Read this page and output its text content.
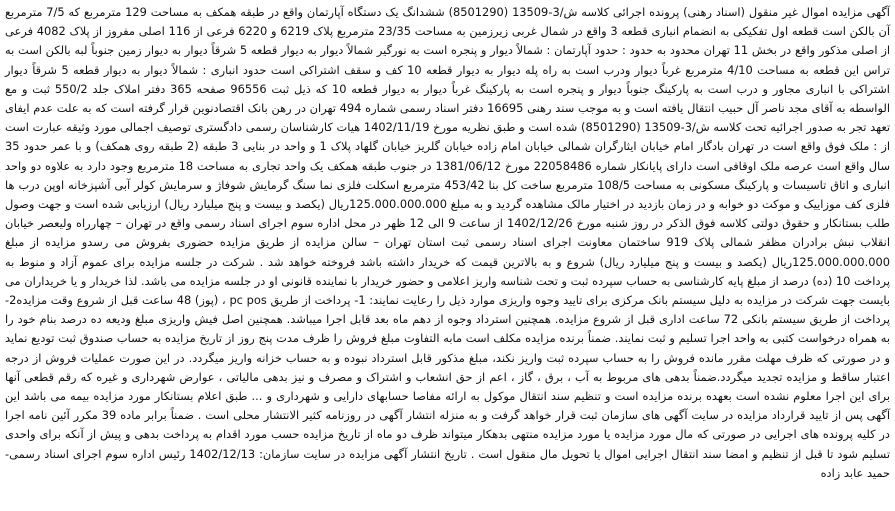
آگهی مزایده اموال غیر منقول (اسناد رهنی) پرونده اجرائی کلاسه ش/3-13509 (8501290) ششدانگ یک دستگاه آپارتمان واقع در طبقه همکف به مساحت 129 مترمربع که 7/5 مترمربع آن بالکن است قطعه اول تفکیکی به انضمام انباری قطعه 3 واقع در شمال غربی زیرزمین به مساحت 23/35 مترمربع پلاک 6219 و 6220 فرعی از 116 اصلی مفروز از پلاک 4082 فرعی از اصلی مذکور واقع در بخش 11 تهران محدود به حدود : حدود آپارتمان : شمالاً دیوار و پنجره است به نورگیر شمالاً دیوار به دیوار قطعه 5 شرقاً دیوار به دیوار زمین جنوباً لبه بالکن است به تراس این قطعه به مساحت 4/10 مترمربع غرباً دیوار ودرب است به راه پله دیوار به دیوار قطعه 10 کف و سقف اشتراکی است حدود انباری : شمالاً دیوار به دیوار قطعه 5 شرقاً دیوار اشتراکی با انباری مجاور و درب است به پارکینگ جنوباً دیوار و پنجره است به پارکینگ غرباً دیوار به دیوار قطعه 10 که ذیل ثبت 96556 صفحه 365 دفتر املاک جلد 550/2 ثبت و مع الواسطه به آقای مجد ناصر آل حبیب انتقال یافته است و به موجب سند رهنی 16695 دفتر اسناد رسمی شماره 494 تهران در رهن بانک اقتصادنوین قرار گرفته است که به علت عدم ایفای تعهد تجر به صدور اجرائیه تحت کلاسه ش/3-13509 (8501290) شده است و طبق نظریه مورخ 1402/11/19 هیات کارشناسان رسمی دادگستری توصیف اجمالی مورد وثیقه عبارت است از : ملک فوق واقع است در تهران بادگار امام خیابان ایثارگران شمالی خیابان امام زاده خیابان گلریز خیابان گلهاد پلاک 1 و واحد در بنایی 3 طبقه (2 طبقه روی همکف) و با عمر حدود 35 سال واقع است عرصه ملک اوقافی است دارای پایانکار شماره 22058486 مورخ 1381/06/12 در جنوب طبقه همکف یک واحد تجاری به مساحت 18 مترمربع وجود دارد به علاوه دو واحد انباری و اتاق تاسیسات و پارکینگ مسکونی به مساحت 108/5 مترمربع ساخت کل بنا 453/42 مترمربع اسکلت فلزی نما سنگ گرمایش شوفاژ و سرمایش کولر آبی آشپزخانه اوپن درب ها فلزی کف موزاییک و موکت دو خوابه و در زمان بازدید در اختیار مالک مشاهده گردید و به مبلغ 125.000.000.000ریال (یکصد و بیست و پنج میلیارد ریال) ارزیابی شده است و جهت وصول طلب بستانکار و حقوق دولتی کلاسه فوق الذکر در روز شنبه مورخ 1402/12/26 از ساعت 9 الی 12 ظهر در محل اداره سوم اجرای اسناد رسمی واقع در تهران – چهارراه ولیعصر خیابان انقلاب نبش برادران مظفر شمالی پلاک 919 ساختمان معاونت اجرای اسناد رسمی ثبت استان تهران – سالن مزایده از طریق مزایده حضوری بفروش می رسدو مزایده از مبلغ 125.000.000.000ریال (یکصد و بیست و پنج میلیارد ریال) شروع و به بالاترین قیمت که خریدار داشته باشد فروخته خواهد شد . شرکت در جلسه مزایده برای عموم آزاد و منوط به پرداخت 10 (ده) درصد از مبلغ پایه کارشناسی به حساب سپرده ثبت و تحت شناسه واریز اعلامی و حضور خریدار با نماینده قانونی او در جلسه مزایده می باشد. لذا خریدار و یا خریداران می بایست جهت شرکت در مزایده به دلیل سیستم بانک مرکزی برای تایید وجوه واریزی موارد ذیل را رعایت نمایند: 1- پرداخت از طریق pc pos ، (پوز) 48 ساعت قبل از شروع وقت مزایده2- پرداخت از طریق سیستم بانکی 72 ساعت اداری قبل از شروع مزایده. همچنین استرداد وجوه از دهم ماه بعد قابل اجرا میباشد. همچنین اصل فیش واریزی مبلغ ودیعه ده درصد بنام خود را به همراه درخواست کتبی به واحد اجرا تسلیم و ثبت نمایند. ضمناً برنده مزایده مکلف است مابه التفاوت مبلغ فروش را ظرف مدت پنج روز از تاریخ مزایده به حساب صندوق ثبت تودیع نماید و در صورتی که ظرف مهلت مقرر مانده فروش را به حساب سپرده ثبت واریز نکند، مبلغ مذکور قابل استرداد نبوده و به حساب خزانه واریز میگردد. در این صورت عملیات فروش از درجه اعتبار ساقط و مزایده تجدید میگردد.ضمناً بدهی های مربوط به آب ، برق ، گاز ، اعم از حق انشعاب و اشتراک و مصرف و نیز بدهی مالیاتی ، عوارض شهرداری و غیره که رقم قطعی آنها برای این اجرا معلوم نشده است بعهده برنده مزایده است و تنظیم سند انتقال موکول به ارائه مفاصا حسابهای دارایی و شهرداری و ... طبق اعلام بستانکار مورد مزایده بیمه می باشد این آگهی پس از تایید قرارداد مزایده در سایت آگهی های سازمان ثبت قرار خواهد گرفت و به منزله انتشار آگهی در روزنامه کثیر الانتشار محلی است . ضمناً برابر ماده 39 مکرر آئین نامه اجرا در کلیه پرونده های اجرایی در صورتی که مال مورد مزایده یا مورد مزایده منتهی بدهکار میتواند ظرف دو ماه از تاریخ مزایده حسب مورد اقدام به پرداخت بدهی و پیش از آنکه برای واحدی تسلیم شود تا قبل از تنظیم و امضا سند انتقال اجرایی اموال یا تحویل مال منقول است . تاریخ انتشار آگهی مزایده در سایت سازمان: 1402/12/13 رئیس اداره سوم اجرای اسناد رسمی- حمید عابد زاده
